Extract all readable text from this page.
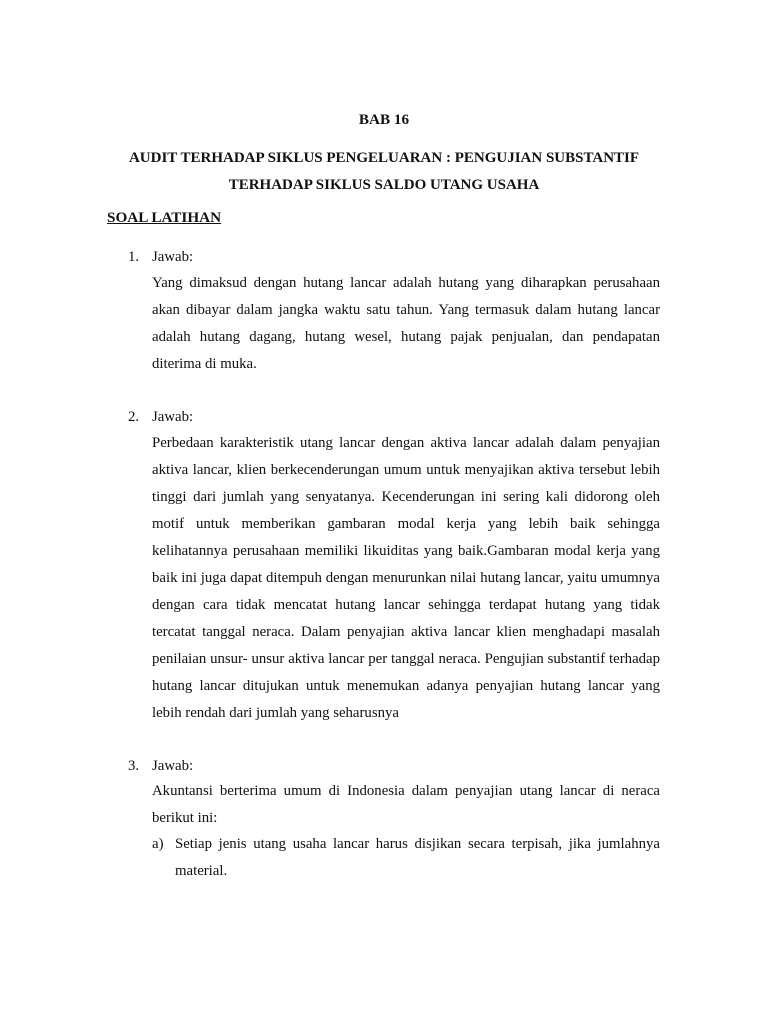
BAB 16
AUDIT TERHADAP SIKLUS PENGELUARAN : PENGUJIAN SUBSTANTIF
TERHADAP SIKLUS SALDO UTANG USAHA
SOAL LATIHAN
1. Jawab:

Yang dimaksud dengan hutang lancar adalah hutang yang diharapkan perusahaan akan dibayar dalam jangka waktu satu tahun. Yang termasuk dalam hutang lancar adalah hutang dagang, hutang wesel, hutang pajak penjualan, dan pendapatan diterima di muka.

2. Jawab:

Perbedaan karakteristik utang lancar dengan aktiva lancar adalah dalam penyajian aktiva lancar, klien berkecenderungan umum untuk menyajikan aktiva tersebut lebih tinggi dari jumlah yang senyatanya. Kecenderungan ini sering kali didorong oleh motif untuk memberikan gambaran modal kerja yang lebih baik sehingga kelihatannya perusahaan memiliki likuiditas yang baik.Gambaran modal kerja yang baik ini juga dapat ditempuh dengan menurunkan nilai hutang lancar, yaitu umumnya dengan cara tidak mencatat hutang lancar sehingga terdapat hutang yang tidak tercatat tanggal neraca. Dalam penyajian aktiva lancar klien menghadapi masalah penilaian unsur- unsur aktiva lancar per tanggal neraca. Pengujian substantif terhadap hutang lancar ditujukan untuk menemukan adanya penyajian hutang lancar yang lebih rendah dari jumlah yang seharusnya

3. Jawab:

Akuntansi berterima umum di Indonesia dalam penyajian utang lancar di neraca berikut ini:

a) Setiap jenis utang usaha lancar harus disjikan secara terpisah, jika jumlahnya material.
